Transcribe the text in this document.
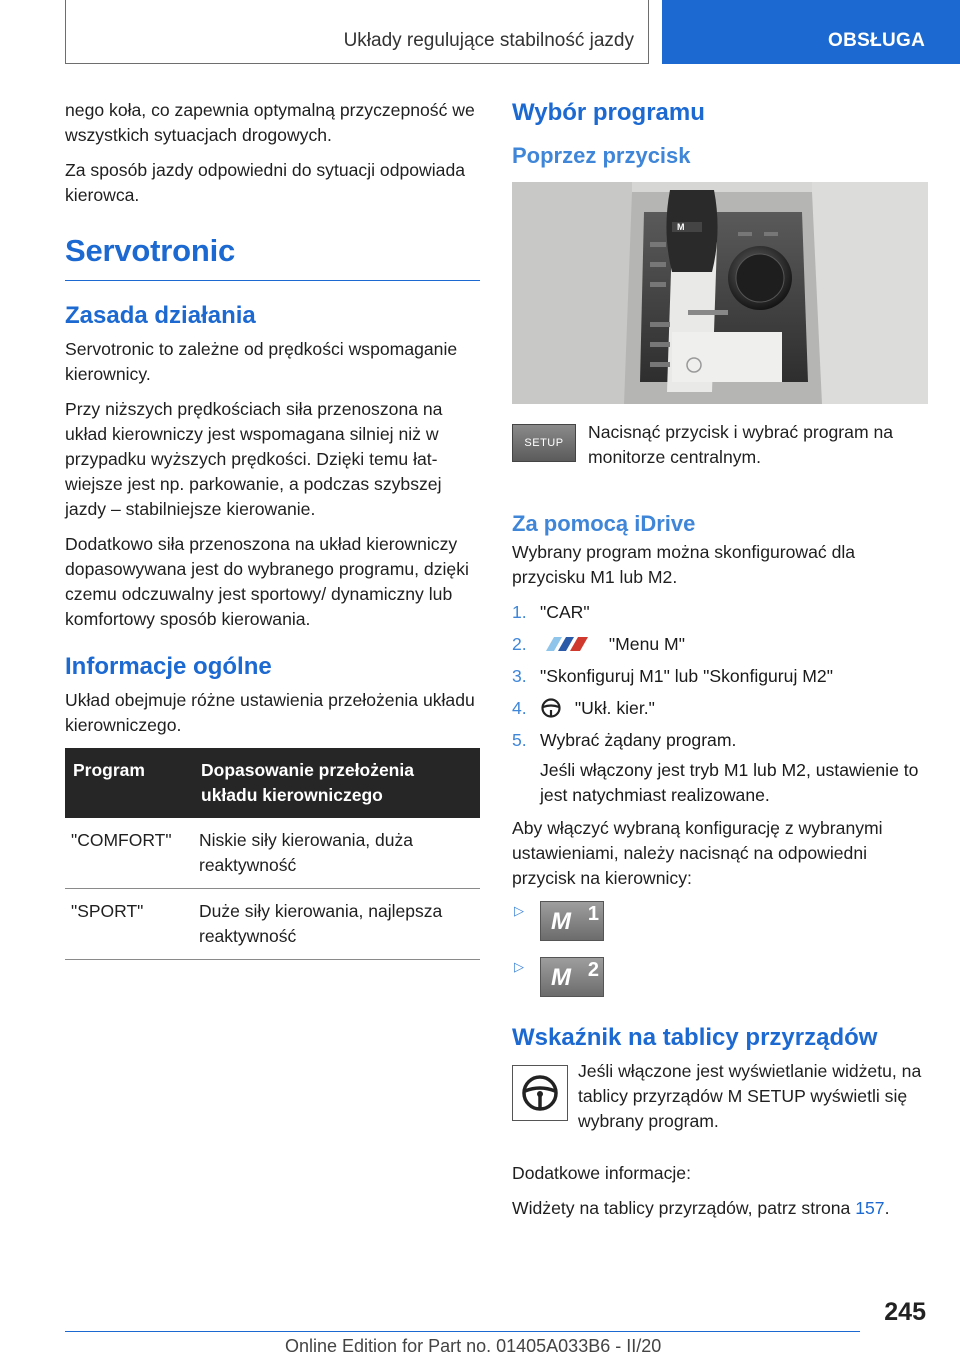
Układy regulujące stabilność jazdy	OBSŁUGA

nego koła, co zapewnia optymalną przyczepność we wszystkich sytuacjach drogowych.

Za sposób jazdy odpowiedni do sytuacji odpowiada kierowca.

Servotronic
Zasada działania

Servotronic to zależne od prędkości wspomaganie kierownicy.

Przy niższych prędkościach siła przenoszona na układ kierowniczy jest wspomagana silniej niż w przypadku wyższych prędkości. Dzięki temu łatwiejsze jest np. parkowanie, a podczas szybszej jazdy – stabilniejsze kierowanie.

Dodatkowo siła przenoszona na układ kierowniczy dopasowywana jest do wybranego programu, dzięki czemu odczuwalny jest sportowy/ dynamiczny lub komfortowy sposób kierowania.

Informacje ogólne

Układ obejmuje różne ustawienia przełożenia układu kierowniczego.

Program	Dopasowanie przełożenia układu kierowniczego
"COMFORT"	Niskie siły kierowania, duża reaktywność
"SPORT"	Duże siły kierowania, najlepsza reaktywność
Wybór programu
Poprzez przycisk
M
SETUP

Nacisnąć przycisk i wybrać program na monitorze centralnym.

Za pomocą iDrive

Wybrany program można skonfigurować dla przycisku M1 lub M2.

1. "CAR"
2.	"Menu M"
3. "Skonfiguruj M1" lub "Skonfiguruj M2"
4.	"Ukł. kier."
5. Wybrać żądany program.
Jeśli włączony jest tryb M1 lub M2, ustawienie to jest natychmiast realizowane.

Aby włączyć wybraną konfigurację z wybranymi ustawieniami, należy nacisnąć na odpowiedni przycisk na kierownicy:

▷ M 1
▷ M 2
Wskaźnik na tablicy przyrządów

Jeśli włączone jest wyświetlanie widżetu, na tablicy przyrządów M SETUP wyświetli się wybrany program.

Dodatkowe informacje:

Widżety na tablicy przyrządów, patrz strona 157.

245
Online Edition for Part no. 01405A033B6 - II/20
